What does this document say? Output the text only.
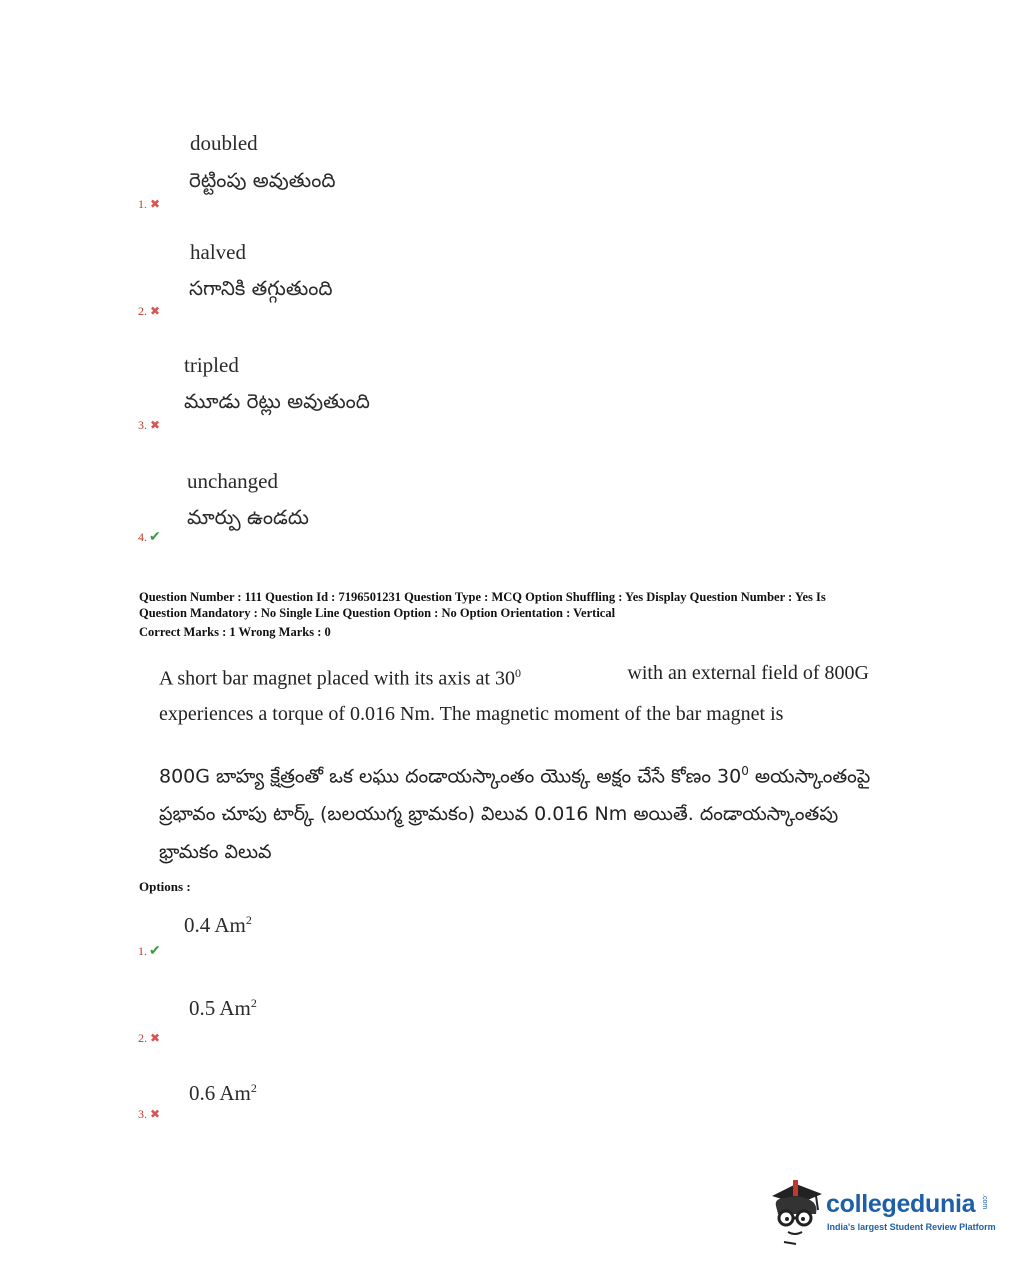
doubled
రెట్టింపు అవుతుంది
1. ✖
halved
సగానికి తగ్గుతుంది
2. ✖
tripled
మూడు రెట్లు అవుతుంది
3. ✖
unchanged
మార్పు ఉండదు
4. ✔
Question Number : 111 Question Id : 7196501231 Question Type : MCQ Option Shuffling : Yes Display Question Number : Yes Is
Question Mandatory : No Single Line Question Option : No Option Orientation : Vertical
Correct Marks : 1 Wrong Marks : 0
A short bar magnet placed with its axis at $30^0$	with an external field of 800G
experiences a torque of 0.016 Nm. The magnetic moment of the bar magnet is
800G బాహ్య క్షేత్రంతో ఒక లఘు దండాయస్కాంతం యొక్క అక్షం చేసే కోణం $30^0$ అయస్కాంతంపై
ప్రభావం చూపు టార్క్ (బలయుగ్మ భ్రామకం) విలువ 0.016 Nm అయితే. దండాయస్కాంతపు
భ్రామకం విలువ
Options :
0.4 Am$^2$
1. ✔
0.5 Am$^2$
2. ✖
0.6 Am$^2$
3. ✖
collegedunia .com
India's largest Student Review Platform
